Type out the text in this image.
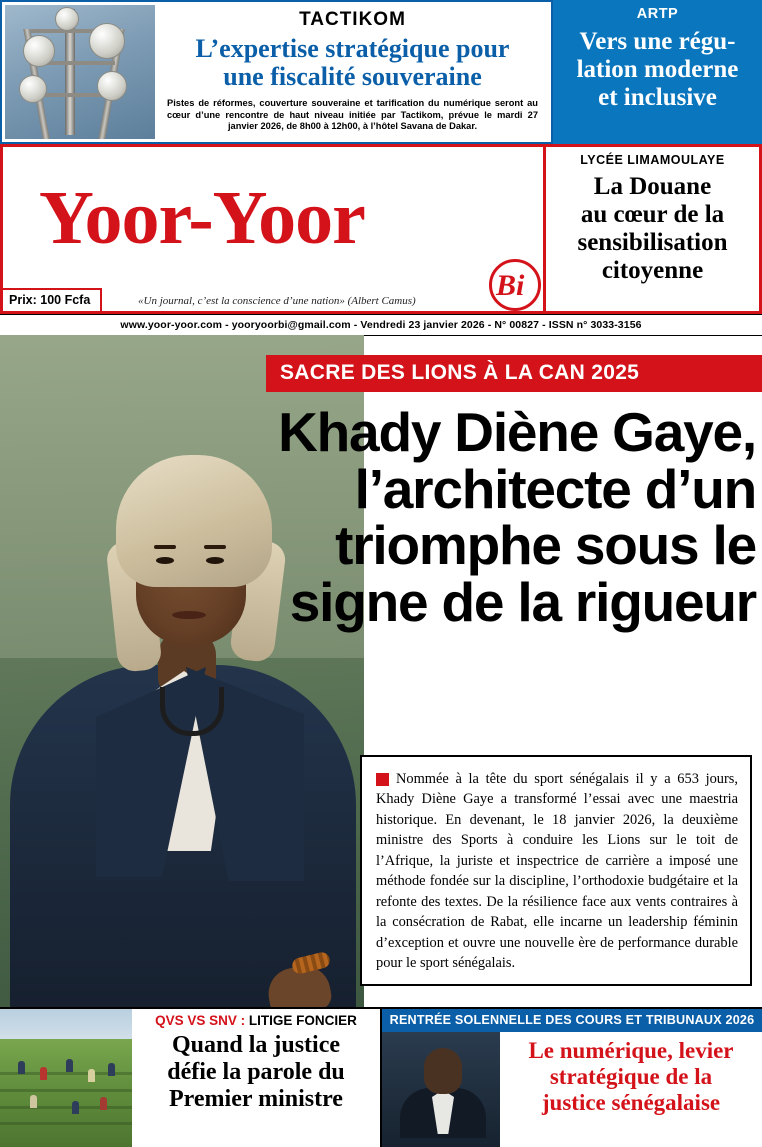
TACTIKOM
L’expertise stratégique pour
une fiscalité souveraine
Pistes de réformes, couverture souveraine et tarification du numérique seront au cœur d’une rencontre de haut niveau initiée par Tactikom, prévue le mardi 27 janvier 2026, de 8h00 à 12h00, à l’hôtel Savana de Dakar.
ARTP
Vers une régu-
lation moderne
et inclusive
Yoor-Yoor
Bi
«Un journal, c’est la conscience d’une nation» (Albert Camus)
Prix: 100 Fcfa
LYCÉE LIMAMOULAYE
La Douane
au cœur de la
sensibilisation
citoyenne
www.yoor-yoor.com - yooryoorbi@gmail.com - Vendredi 23 janvier 2026 - N° 00827 - ISSN n° 3033-3156
SACRE DES LIONS À LA CAN 2025
Khady Diène Gaye,
l’architecte d’un
triomphe sous le
signe de la rigueur
Nommée à la tête du sport sénégalais il y a 653 jours, Khady Diène Gaye a transformé l’essai avec une maestria historique. En devenant, le 18 janvier 2026, la deuxième ministre des Sports à conduire les Lions sur le toit de l’Afrique, la juriste et inspectrice de carrière a imposé une méthode fondée sur la discipline, l’orthodoxie budgétaire et la refonte des textes. De la résilience face aux vents contraires à la consécration de Rabat, elle incarne un leadership féminin d’exception et ouvre une nouvelle ère de performance durable pour le sport sénégalais.
QVS VS SNV : LITIGE FONCIER
Quand la justice
défie la parole du
Premier ministre
RENTRÉE SOLENNELLE DES COURS ET TRIBUNAUX 2026
Le numérique, levier
stratégique de la
justice sénégalaise
